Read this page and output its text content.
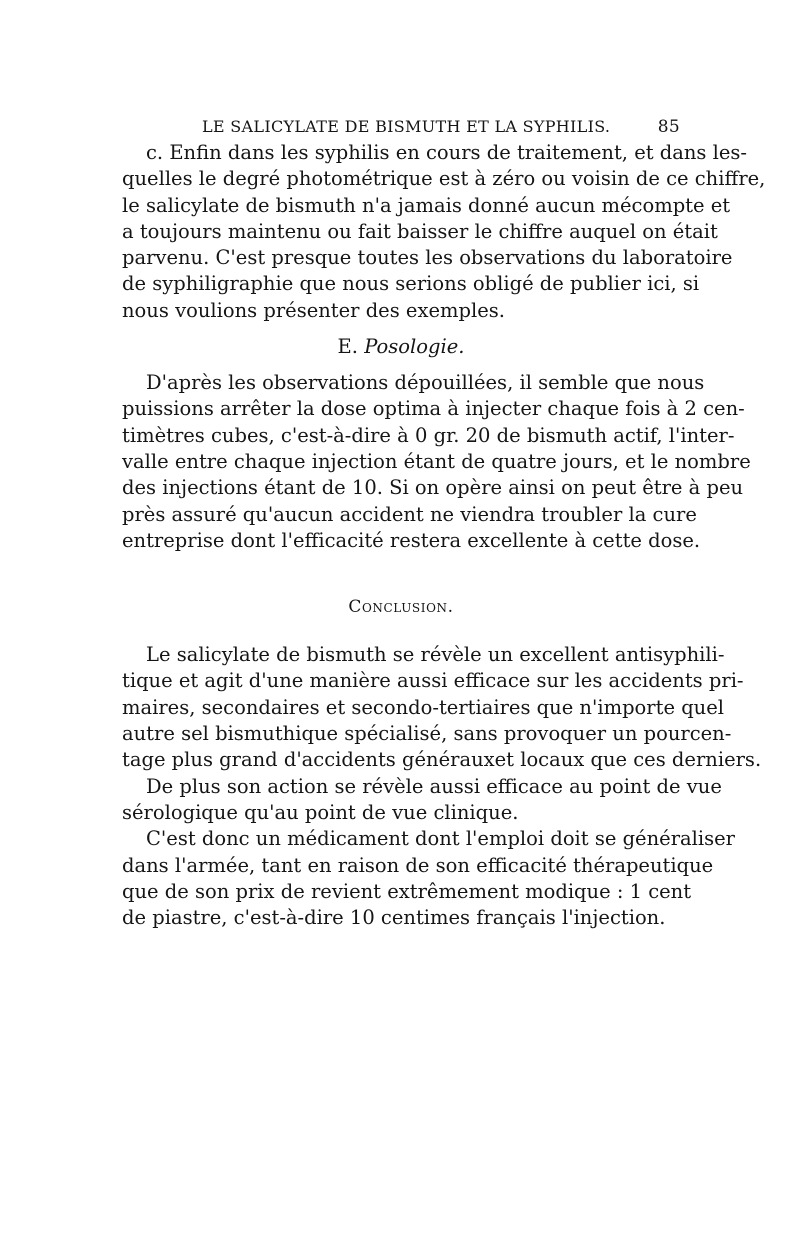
LE SALICYLATE DE BISMUTH ET LA SYPHILIS.	85

c. Enfin dans les syphilis en cours de traitement, et dans les-
quelles le degré photométrique est à zéro ou voisin de ce chiffre,
le salicylate de bismuth n'a jamais donné aucun mécompte et
a toujours maintenu ou fait baisser le chiffre auquel on était
parvenu. C'est presque toutes les observations du laboratoire
de syphiligraphie que nous serions obligé de publier ici, si
nous voulions présenter des exemples.

E. Posologie.

D'après les observations dépouillées, il semble que nous
puissions arrêter la dose optima à injecter chaque fois à 2 cen-
timètres cubes, c'est-à-dire à 0 gr. 20 de bismuth actif, l'inter-
valle entre chaque injection étant de quatre jours, et le nombre
des injections étant de 10. Si on opère ainsi on peut être à peu
près assuré qu'aucun accident ne viendra troubler la cure
entreprise dont l'efficacité restera excellente à cette dose.

Conclusion.

Le salicylate de bismuth se révèle un excellent antisyphili-
tique et agit d'une manière aussi efficace sur les accidents pri-
maires, secondaires et secondo-tertiaires que n'importe quel
autre sel bismuthique spécialisé, sans provoquer un pourcen-
tage plus grand d'accidents générauxet locaux que ces derniers.

De plus son action se révèle aussi efficace au point de vue
sérologique qu'au point de vue clinique.

C'est donc un médicament dont l'emploi doit se généraliser
dans l'armée, tant en raison de son efficacité thérapeutique
que de son prix de revient extrêmement modique : 1 cent
de piastre, c'est-à-dire 10 centimes français l'injection.
